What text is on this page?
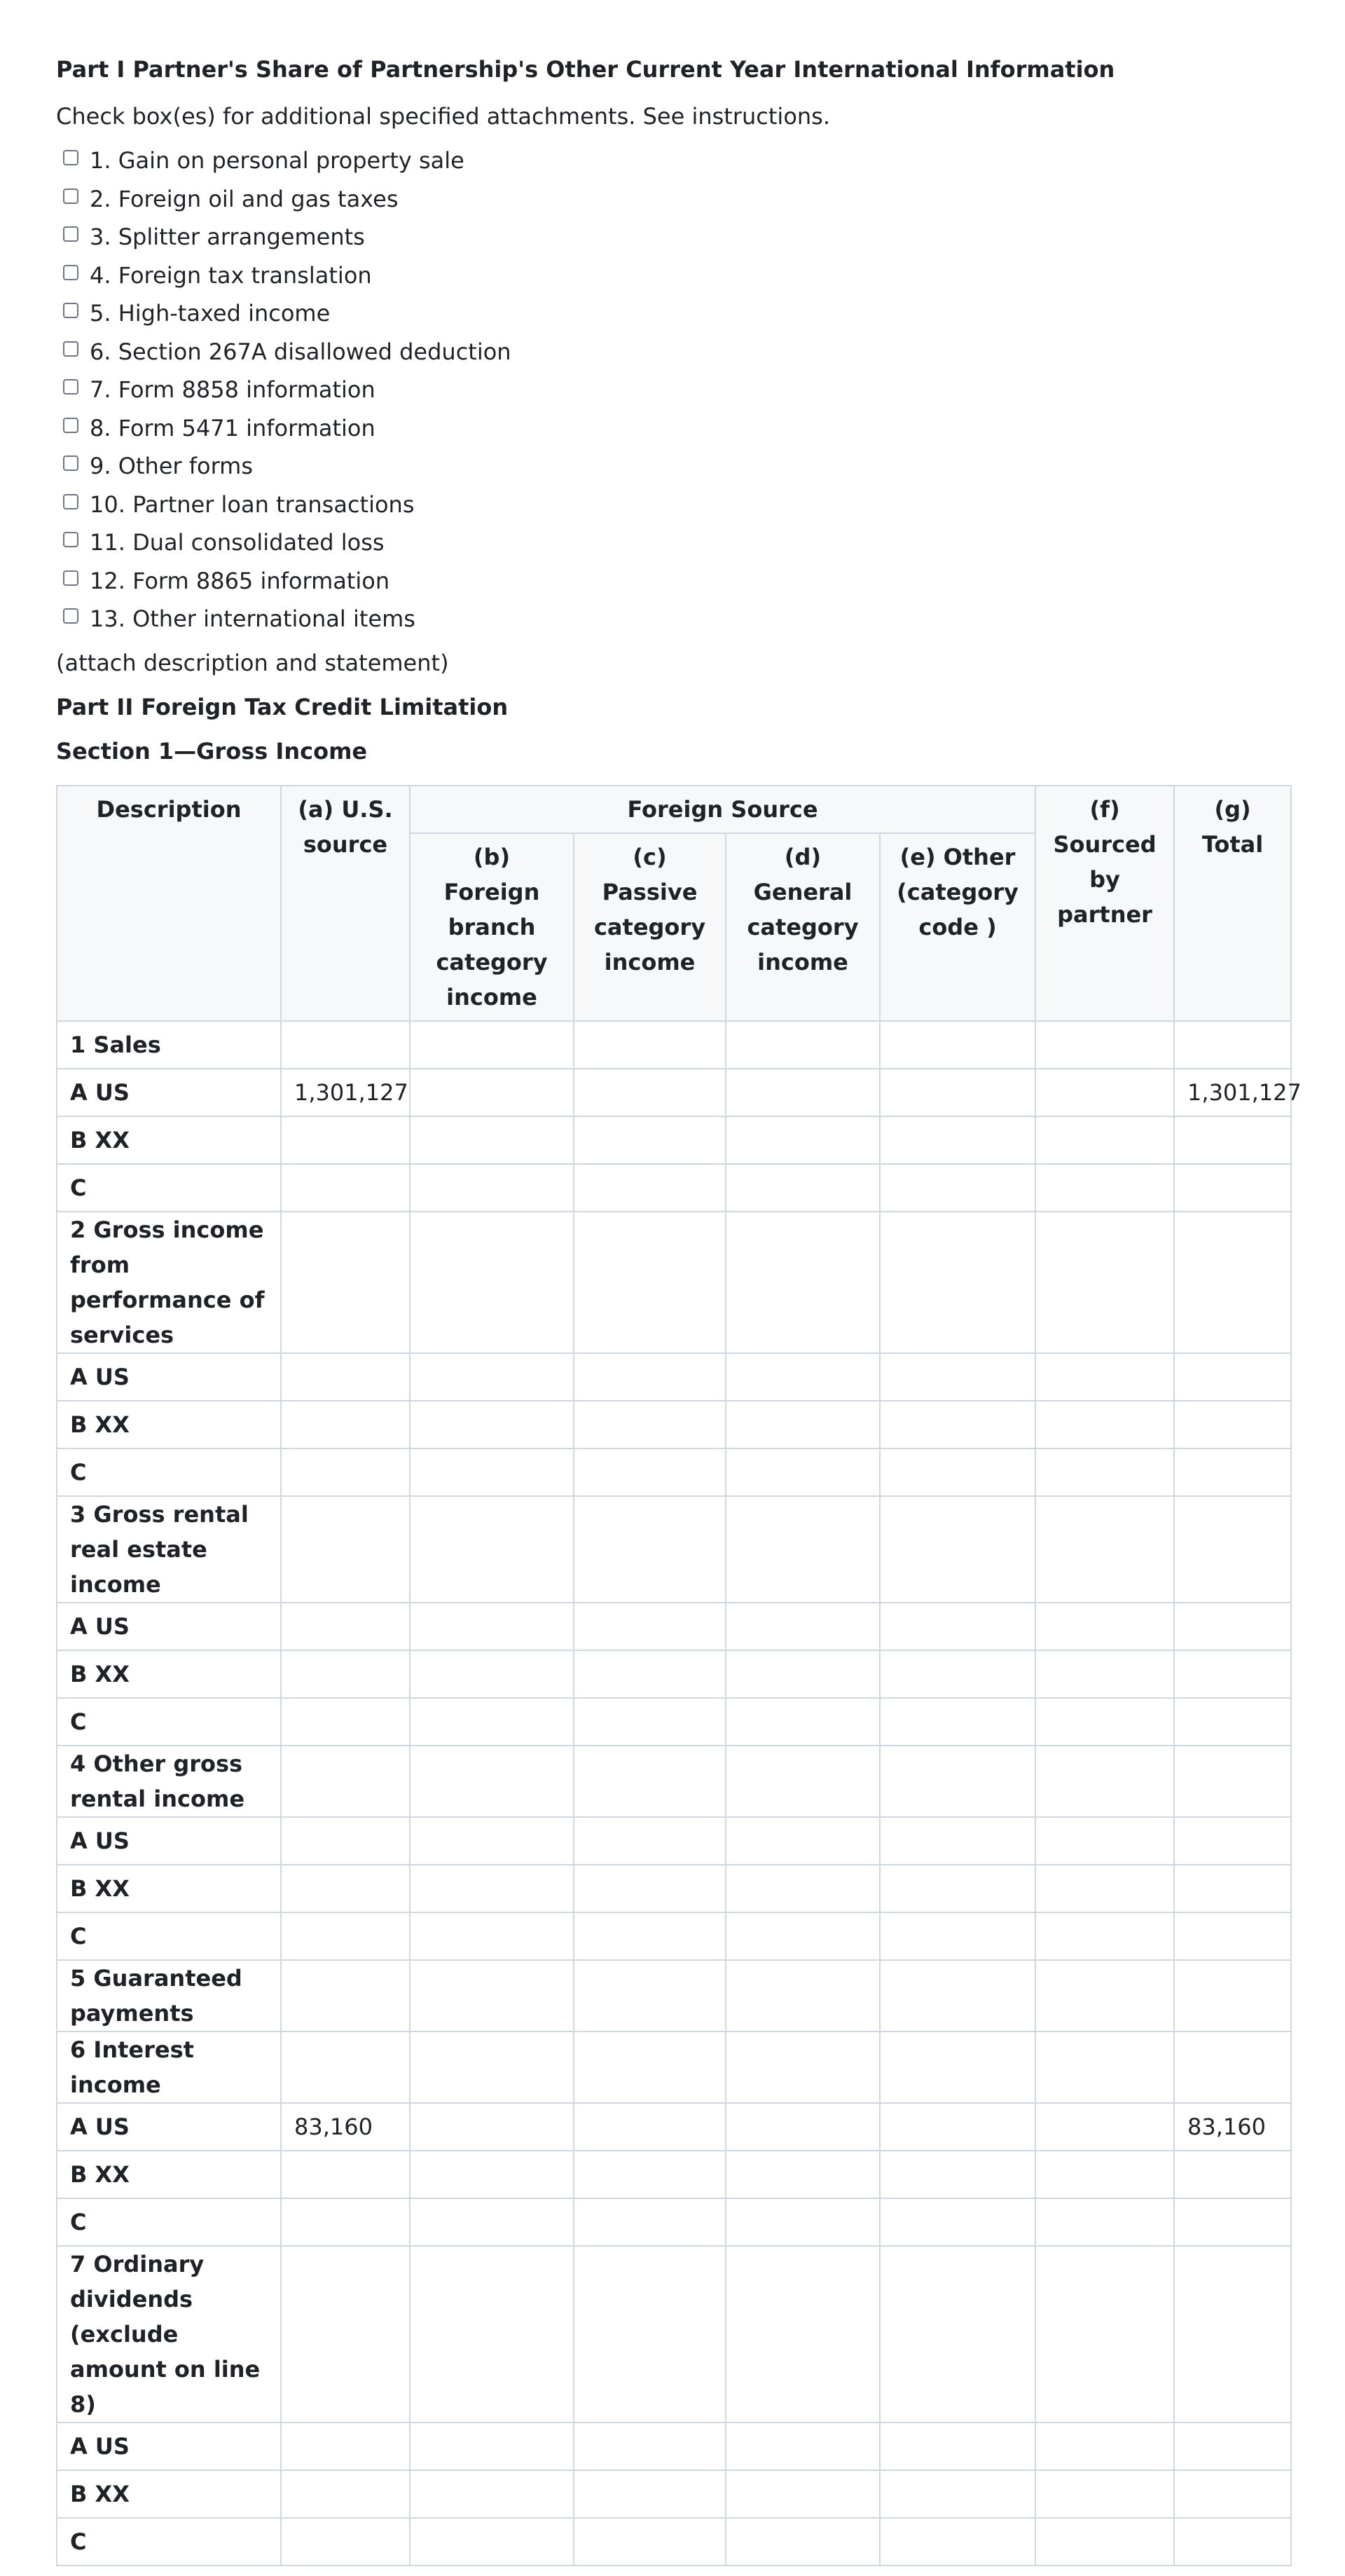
Part I Partner's Share of Partnership's Other Current Year International Information
Check box(es) for additional specified attachments. See instructions.
1. Gain on personal property sale
2. Foreign oil and gas taxes
3. Splitter arrangements
4. Foreign tax translation
5. High-taxed income
6. Section 267A disallowed deduction
7. Form 8858 information
8. Form 5471 information
9. Other forms
10. Partner loan transactions
11. Dual consolidated loss
12. Form 8865 information
13. Other international items
(attach description and statement)
Part II Foreign Tax Credit Limitation
Section 1—Gross Income
Description	(a) U.S. source	Foreign Source				(f) Sourced by partner	(g) Total
		(b) Foreign branch category income	(c) Passive category income	(d) General category income	(e) Other (category code )		
1 Sales							
A US	1,301,127						1,301,127
B XX							
C							
2 Gross income from performance of services							
A US							
B XX							
C							
3 Gross rental real estate income							
A US							
B XX							
C							
4 Other gross rental income							
A US							
B XX							
C							
5 Guaranteed payments							
6 Interest income							
A US	83,160						83,160
B XX							
C							
7 Ordinary dividends (exclude amount on line 8)							
A US							
B XX							
C							
